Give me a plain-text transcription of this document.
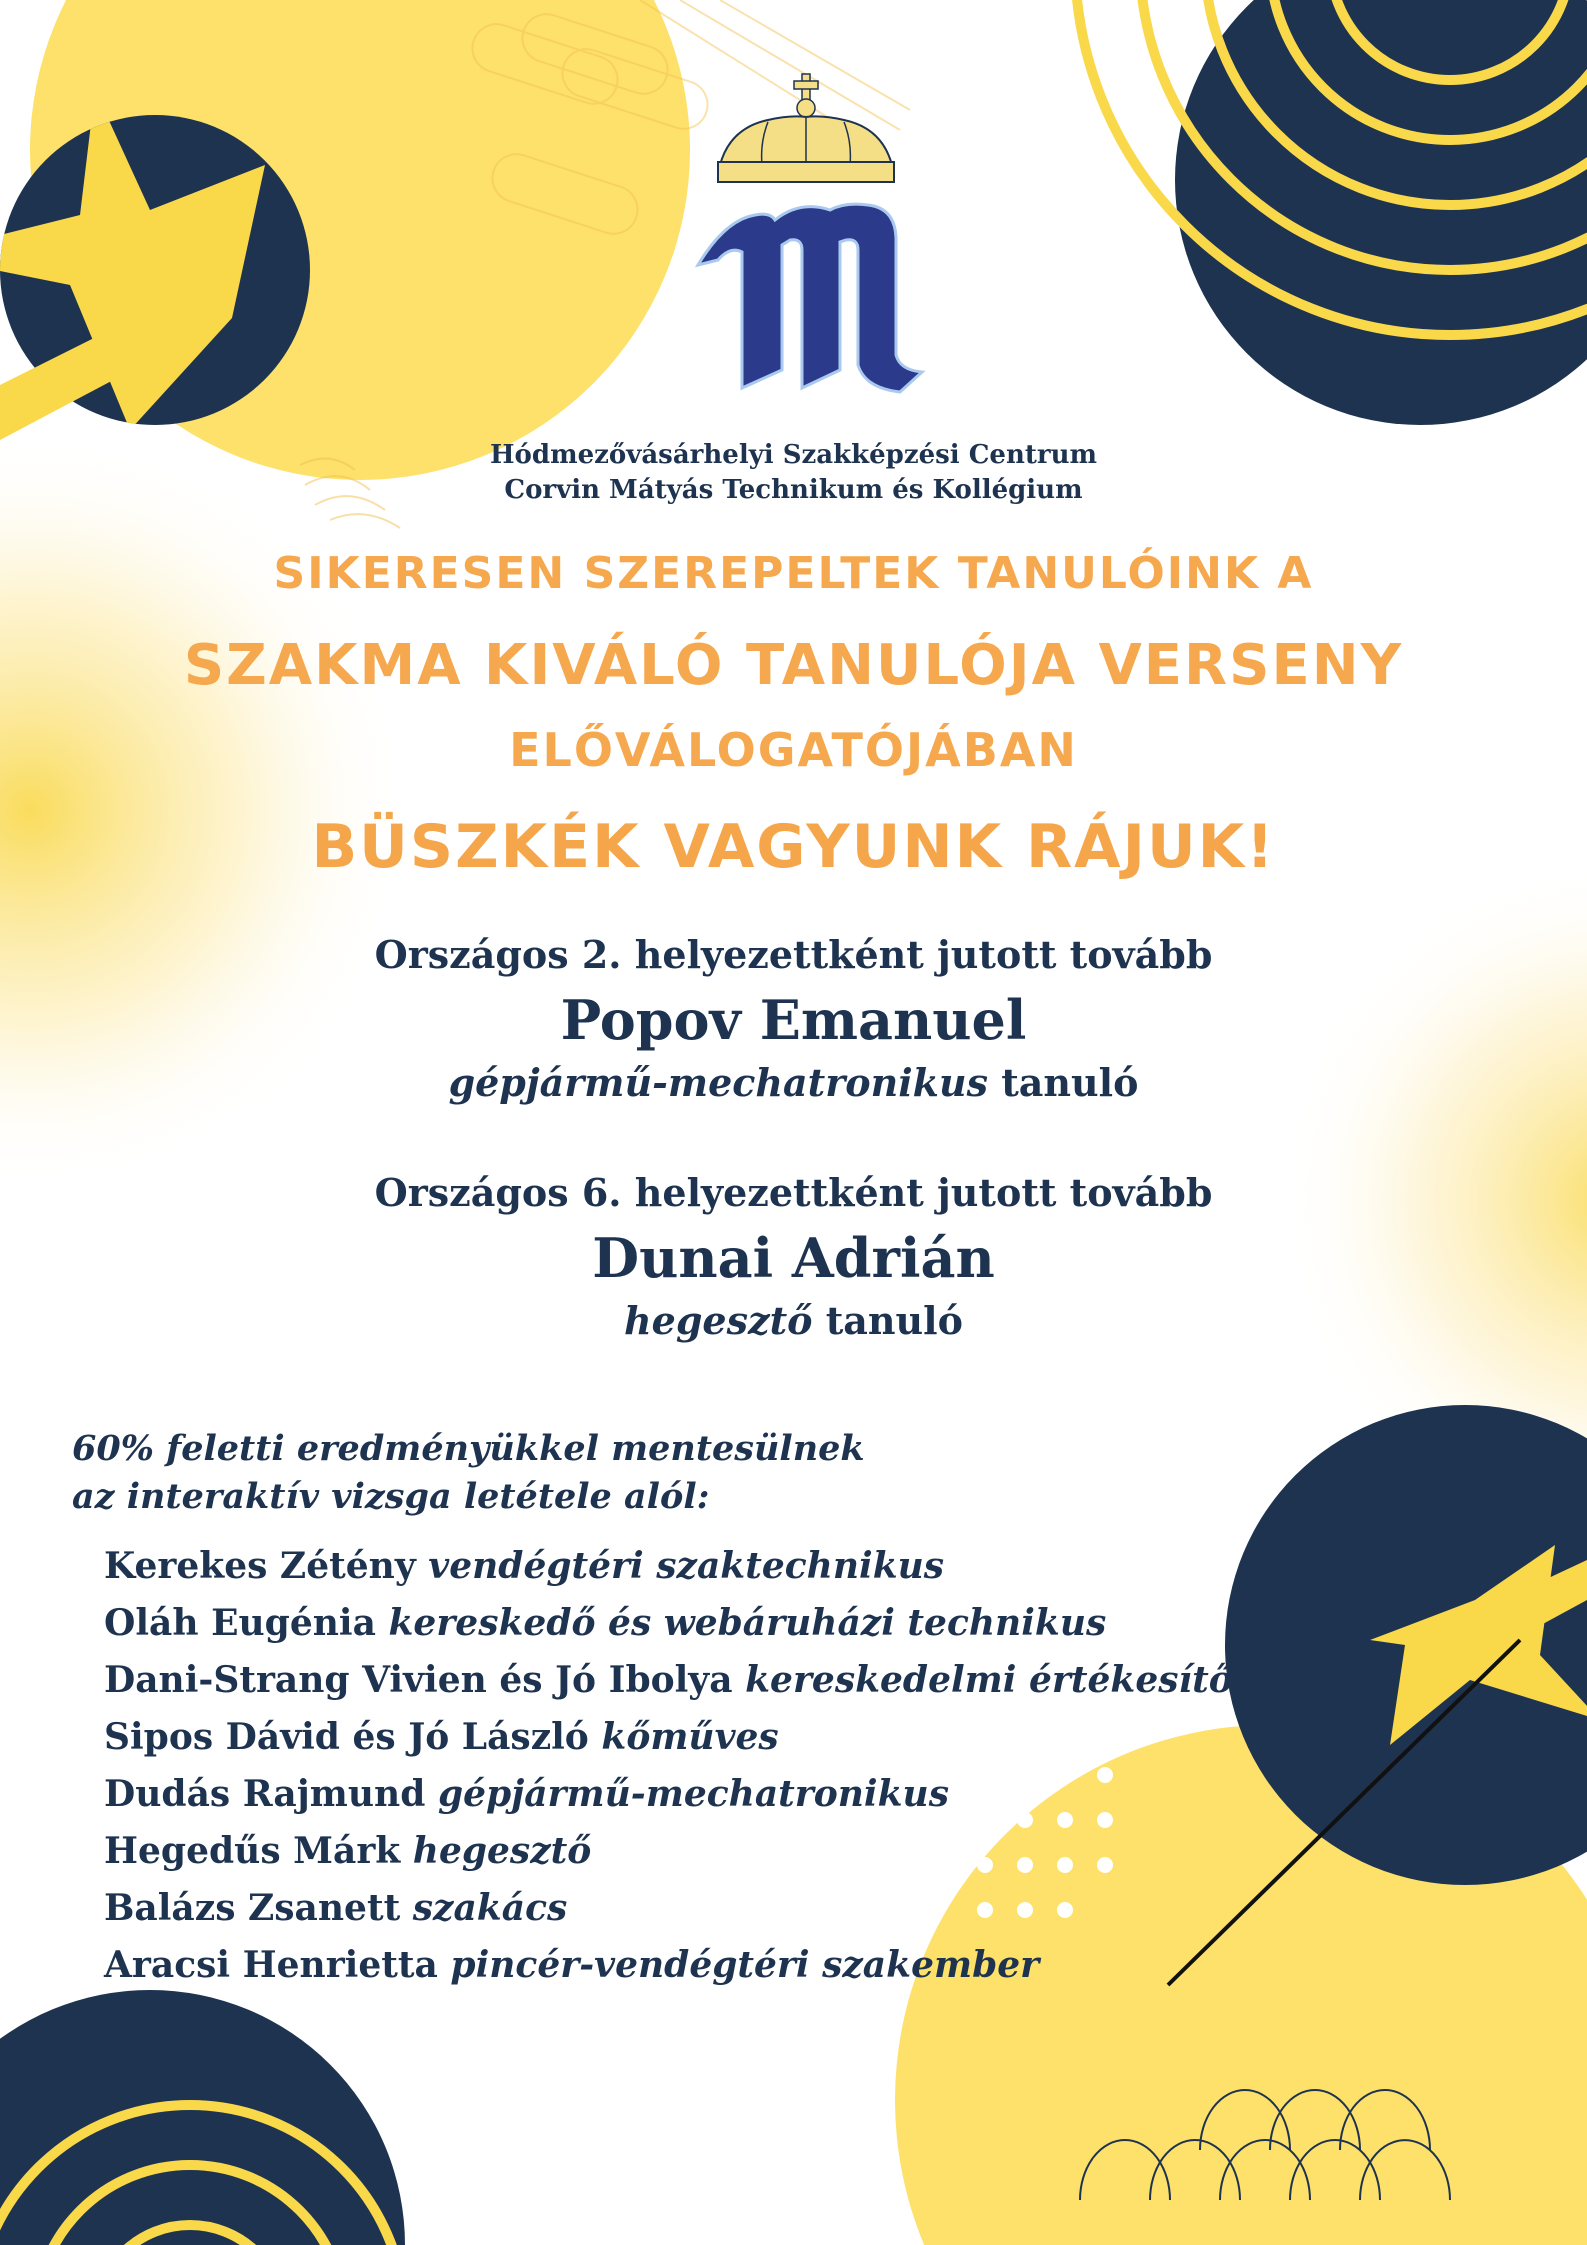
Hódmezővásárhelyi Szakképzési Centrum
Corvin Mátyás Technikum és Kollégium
SIKERESEN SZEREPELTEK TANULÓINK A
SZAKMA KIVÁLÓ TANULÓJA VERSENY
ELŐVÁLOGATÓJÁBAN
BÜSZKÉK VAGYUNK RÁJUK!
Országos 2. helyezettként jutott tovább
Popov Emanuel
gépjármű-mechatronikus tanuló
Országos 6. helyezettként jutott tovább
Dunai Adrián
hegesztő tanuló
60% feletti eredményükkel mentesülnek
az interaktív vizsga letétele alól:
Kerekes Zétény vendégtéri szaktechnikus
Oláh Eugénia kereskedő és webáruházi technikus
Dani-Strang Vivien és Jó Ibolya kereskedelmi értékesítő
Sipos Dávid és Jó László kőműves
Dudás Rajmund gépjármű-mechatronikus
Hegedűs Márk hegesztő
Balázs Zsanett szakács
Aracsi Henrietta pincér-vendégtéri szakember
